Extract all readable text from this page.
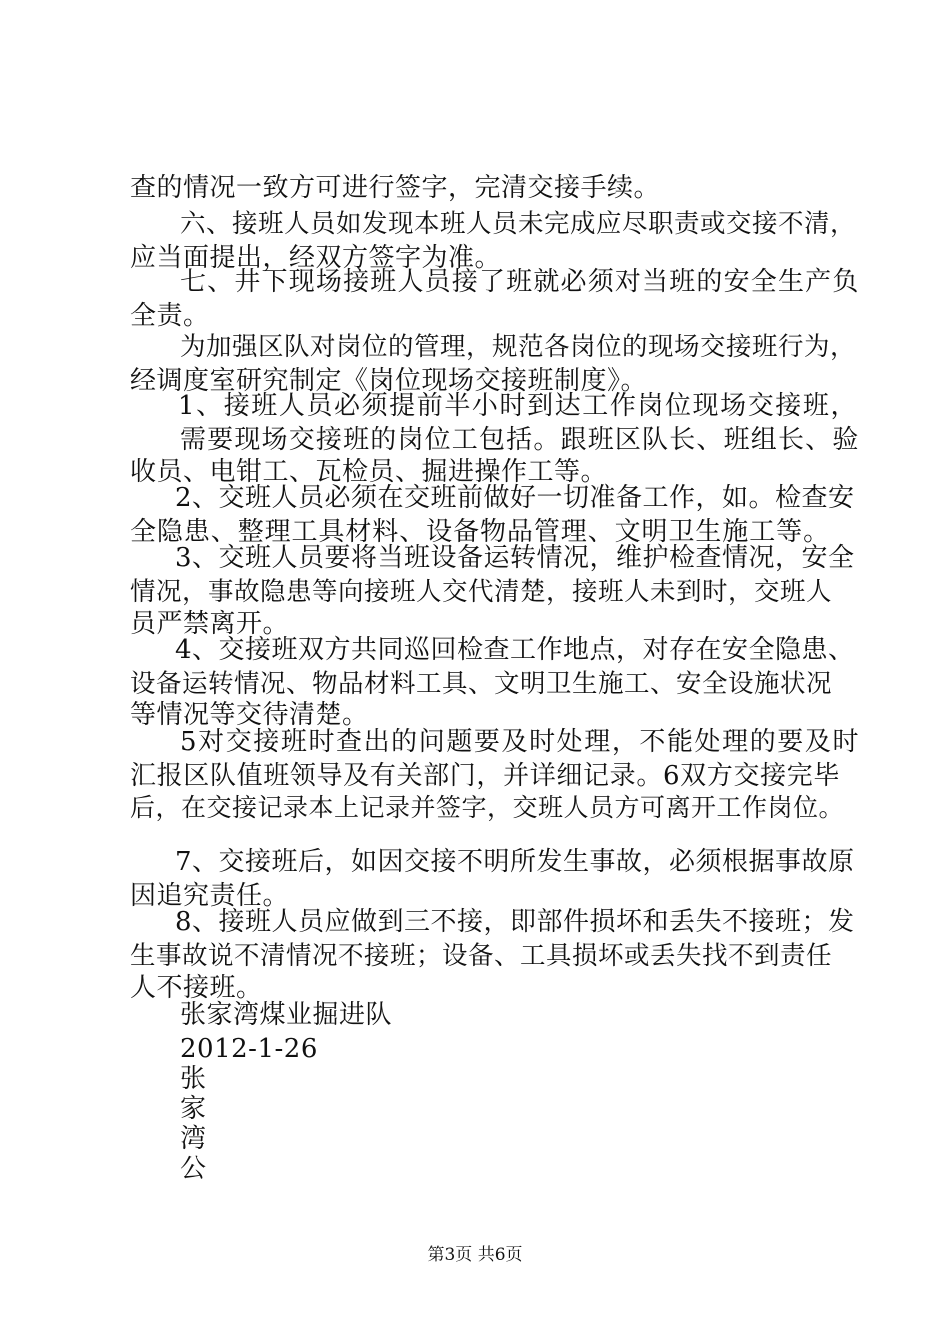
查的情况一致方可进行签字，完清交接手续。
六、接班人员如发现本班人员未完成应尽职责或交接不清，
应当面提出，经双方签字为准。
七、井下现场接班人员接了班就必须对当班的安全生产负
全责。
为加强区队对岗位的管理，规范各岗位的现场交接班行为，
经调度室研究制定《岗位现场交接班制度》。
1、接班人员必须提前半小时到达工作岗位现场交接班，
需要现场交接班的岗位工包括。跟班区队长、班组长、验
收员、电钳工、瓦检员、掘进操作工等。
2、交班人员必须在交班前做好一切准备工作，如。检查安
全隐患、整理工具材料、设备物品管理、文明卫生施工等。
3、交班人员要将当班设备运转情况，维护检查情况，安全
情况，事故隐患等向接班人交代清楚，接班人未到时，交班人
员严禁离开。
4、交接班双方共同巡回检查工作地点，对存在安全隐患、
设备运转情况、物品材料工具、文明卫生施工、安全设施状况
等情况等交待清楚。
5对交接班时查出的问题要及时处理，不能处理的要及时
汇报区队值班领导及有关部门，并详细记录。6双方交接完毕
后，在交接记录本上记录并签字，交班人员方可离开工作岗位。
7、交接班后，如因交接不明所发生事故，必须根据事故原
因追究责任。
8、接班人员应做到三不接，即部件损坏和丢失不接班；发
生事故说不清情况不接班；设备、工具损坏或丢失找不到责任
人不接班。
张家湾煤业掘进队
2012-1-26
张
家
湾
公
第3页 共6页
